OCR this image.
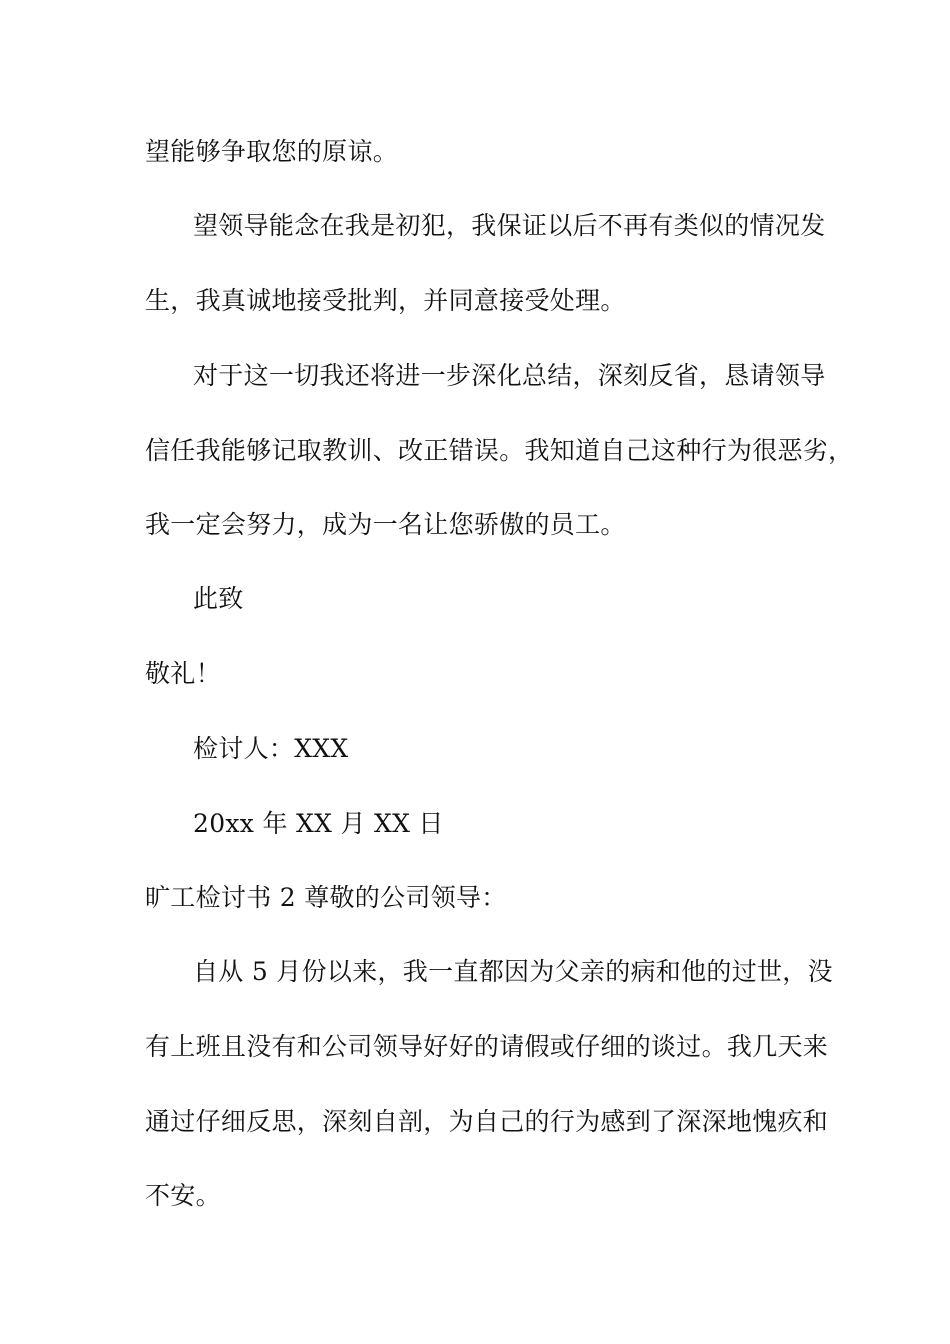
望能够争取您的原谅。
望领导能念在我是初犯，我保证以后不再有类似的情况发
生，我真诚地接受批判，并同意接受处理。
对于这一切我还将进一步深化总结，深刻反省，恳请领导
信任我能够记取教训、改正错误。我知道自己这种行为很恶劣，
我一定会努力，成为一名让您骄傲的员工。
此致
敬礼！
检讨人：XXX
20xx 年 XX 月 XX 日
旷工检讨书 2 尊敬的公司领导：
自从 5 月份以来，我一直都因为父亲的病和他的过世，没
有上班且没有和公司领导好好的请假或仔细的谈过。我几天来
通过仔细反思，深刻自剖，为自己的行为感到了深深地愧疚和
不安。
